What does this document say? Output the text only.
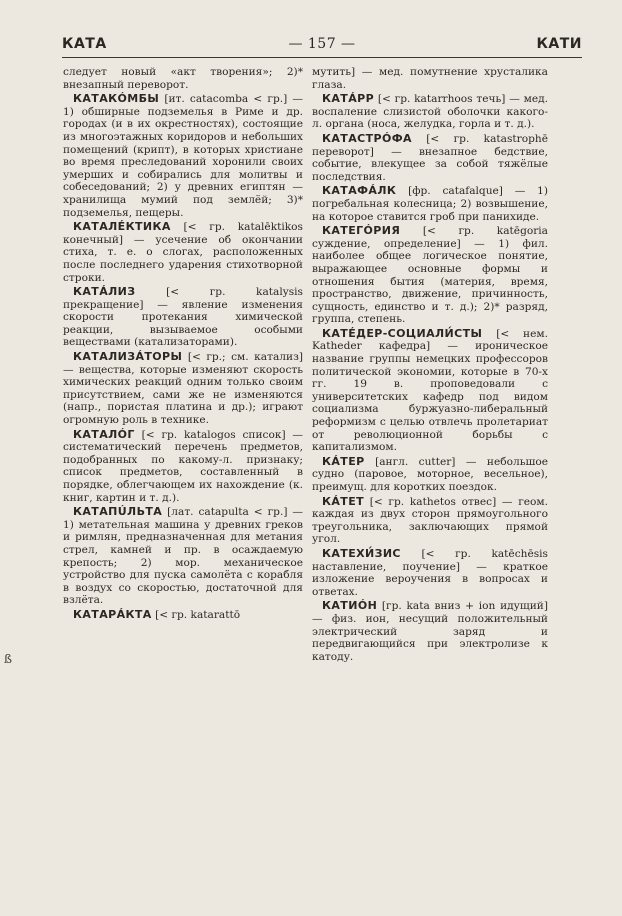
КАТА	— 157 —	КАТИ
ß

следует новый «акт творения»; 2)* внезапный переворот.

КАТАКÓМБЫ [ит. catacomba < гр.] — 1) обширные подземелья в Риме и др. городах (и в их окрестностях), состоящие из многоэтажных коридоров и небольших помещений (крипт), в которых христиане во время преследований хоронили своих умерших и собирались для молитвы и собеседований; 2) у древних египтян — хранилища мумий под землёй; 3)* подземелья, пещеры.

КАТАЛÉКТИКА [< гр. katalēktikos конечный] — усечение об окончании стиха, т. е. о слогах, расположенных после последнего ударения стихотворной строки.

КАТÁЛИЗ	[< гр. katalysis прекращение] — явление изменения скорости протекания химической реакции, вызываемое особыми веществами (катализаторами).

КАТАЛИЗÁТОРЫ [< гр.; см. катализ] — вещества, которые изменяют скорость химических реакций одним только своим присутствием, сами же не изменяются (напр., пористая платина и др.); играют огромную роль в технике.

КАТАЛÓГ [< гр. katalogos список] — систематический перечень предметов, подобранных по какому-л. признаку; список предметов, составленный в порядке, облегчающем их нахождение (к. книг, картин и т. д.).

КАТАПÚЛЬТА [лат. catapulta < гр.] — 1) метательная машина у древних греков и римлян, предназначенная для метания стрел, камней и пр. в осаждаемую крепость; 2) мор. механическое устройство для пуска самолёта с корабля в воздух со скоростью, достаточной для взлёта.

КАТАРÁКТА [< гр. katarattō

мутить] — мед. помутнение хрусталика глаза.

КАТÁРР [< гр. katarrhoos течь] — мед. воспаление слизистой оболочки какого-л. органа (носа, желудка, горла и т. д.).

КАТАСТРÓФА [< гр. katastrophē переворот] — внезапное бедствие, событие, влекущее за собой тяжёлые последствия.

КАТАФÁЛК [фр. catafalque] — 1) погребальная колесница; 2) возвышение, на которое ставится гроб при панихиде.

КАТЕГÓРИЯ [< гр. katēgoria суждение, определение] — 1) фил. наиболее общее логическое понятие, выражающее основные формы и отношения бытия (материя, время, пространство, движение, причинность, сущность, единство и т. д.); 2)* разряд, группа, степень.

КАТÉДЕР-СОЦИАЛИ́СТЫ [< нем. Katheder кафедра] — ироническое название группы немецких профессоров политической экономии, которые в 70-х гг. 19 в. проповедовали с университетских кафедр под видом социализма буржуазно-либеральный реформизм с целью отвлечь пролетариат от революционной борьбы с капитализмом.

КÁТЕР [англ. cutter] — небольшое судно (паровое, моторное, весельное), преимущ. для коротких поездок.

КÁТЕТ [< гр. kathetos отвес] — геом. каждая из двух сторон прямоугольного треугольника, заключающих прямой угол.

КАТЕХИ́ЗИС [< гр. katēchēsis наставление, поучение] — краткое изложение вероучения в вопросах и ответах.

КАТИÓН [гр. kata вниз + ion идущий] — физ. ион, несущий положительный электрический заряд и передвигающийся при электролизе к катоду.
